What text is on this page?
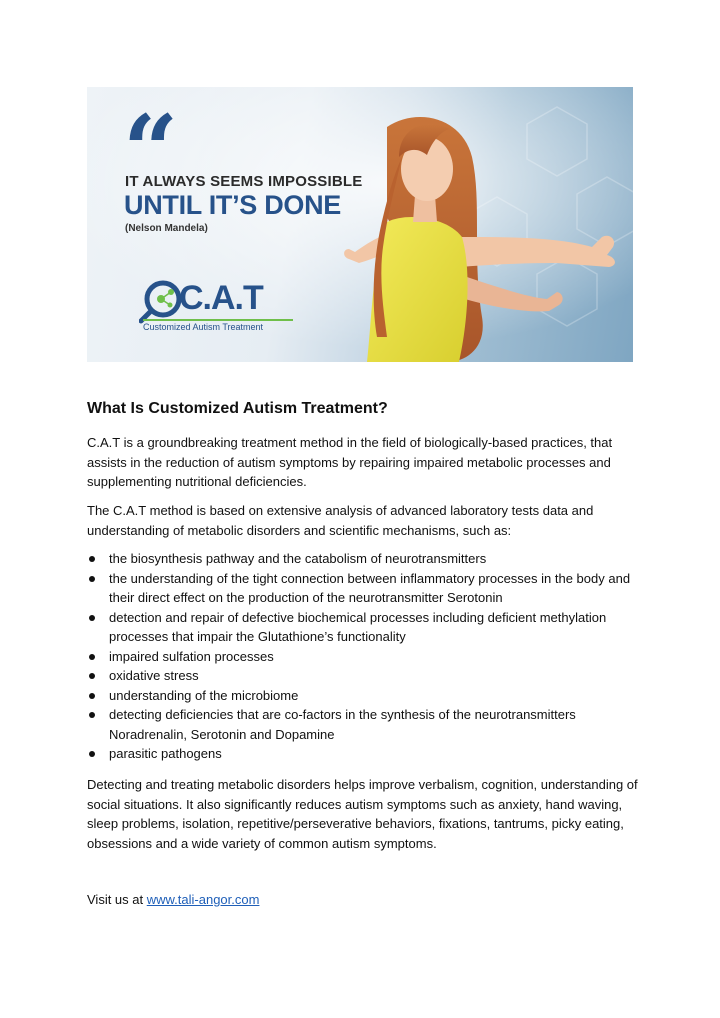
“
IT ALWAYS SEEMS IMPOSSIBLE
UNTIL IT’S DONE
(Nelson Mandela)
C.A.T
Customized Autism Treatment
What Is Customized Autism Treatment?

C.A.T is a groundbreaking treatment method in the field of biologically-based practices, that assists in the reduction of autism symptoms by repairing impaired metabolic processes and supplementing nutritional deficiencies.

The C.A.T method is based on extensive analysis of advanced laboratory tests data and understanding of metabolic disorders and scientific mechanisms, such as:

the biosynthesis pathway and the catabolism of neurotransmitters
the understanding of the tight connection between inflammatory processes in the body and their direct effect on the production of the neurotransmitter Serotonin
detection and repair of defective biochemical processes including deficient methylation processes that impair the Glutathione’s functionality
impaired sulfation processes
oxidative stress
understanding of the microbiome
detecting deficiencies that are co-factors in the synthesis of the neurotransmitters Noradrenalin, Serotonin and Dopamine
parasitic pathogens

Detecting and treating metabolic disorders helps improve verbalism, cognition, understanding of social situations. It also significantly reduces autism symptoms such as anxiety, hand waving, sleep problems, isolation, repetitive/perseverative behaviors, fixations, tantrums, picky eating, obsessions and a wide variety of common autism symptoms.

Visit us at www.tali-angor.com
